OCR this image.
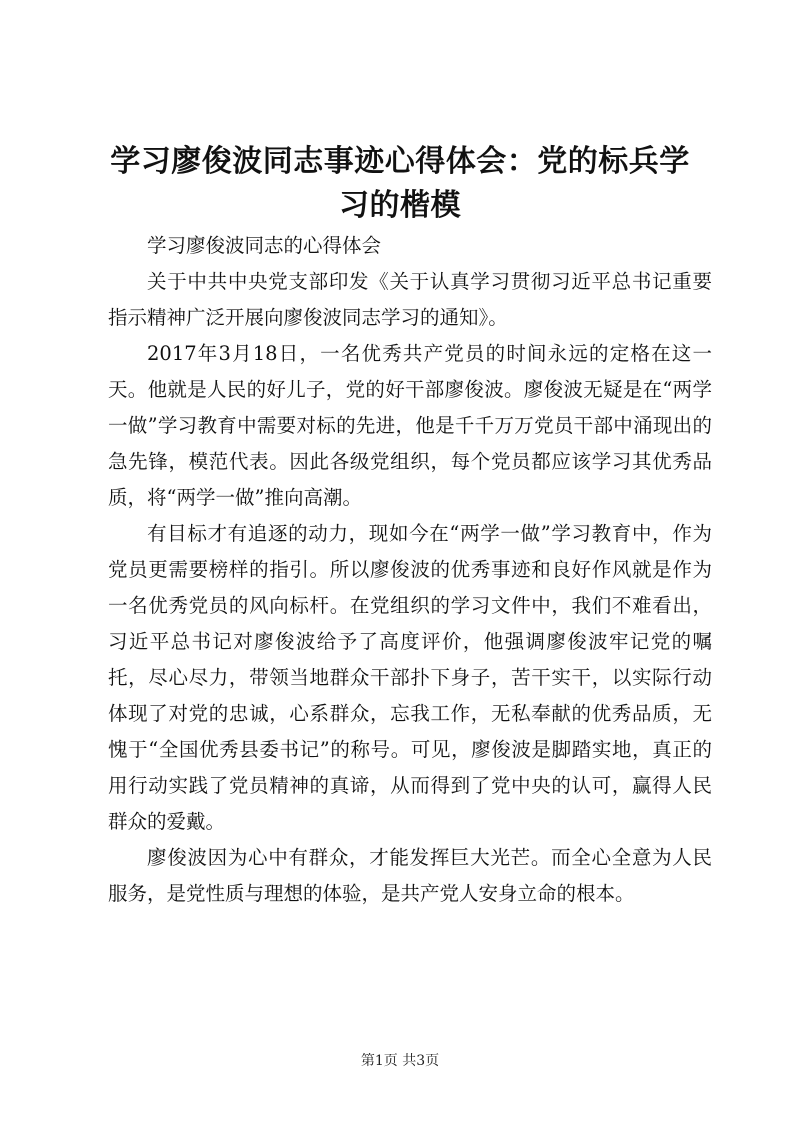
学习廖俊波同志事迹心得体会：党的标兵学习的楷模

学习廖俊波同志的心得体会

关于中共中央党支部印发《关于认真学习贯彻习近平总书记重要指示精神广泛开展向廖俊波同志学习的通知》。

2017年3月18日，一名优秀共产党员的时间永远的定格在这一天。他就是人民的好儿子，党的好干部廖俊波。廖俊波无疑是在“两学一做”学习教育中需要对标的先进，他是千千万万党员干部中涌现出的急先锋，模范代表。因此各级党组织，每个党员都应该学习其优秀品质，将“两学一做”推向高潮。

有目标才有追逐的动力，现如今在“两学一做”学习教育中，作为党员更需要榜样的指引。所以廖俊波的优秀事迹和良好作风就是作为一名优秀党员的风向标杆。在党组织的学习文件中，我们不难看出，习近平总书记对廖俊波给予了高度评价，他强调廖俊波牢记党的嘱托，尽心尽力，带领当地群众干部扑下身子，苦干实干，以实际行动体现了对党的忠诚，心系群众，忘我工作，无私奉献的优秀品质，无愧于“全国优秀县委书记”的称号。可见，廖俊波是脚踏实地，真正的用行动实践了党员精神的真谛，从而得到了党中央的认可，赢得人民群众的爱戴。

廖俊波因为心中有群众，才能发挥巨大光芒。而全心全意为人民服务，是党性质与理想的体验，是共产党人安身立命的根本。

第1页 共3页
